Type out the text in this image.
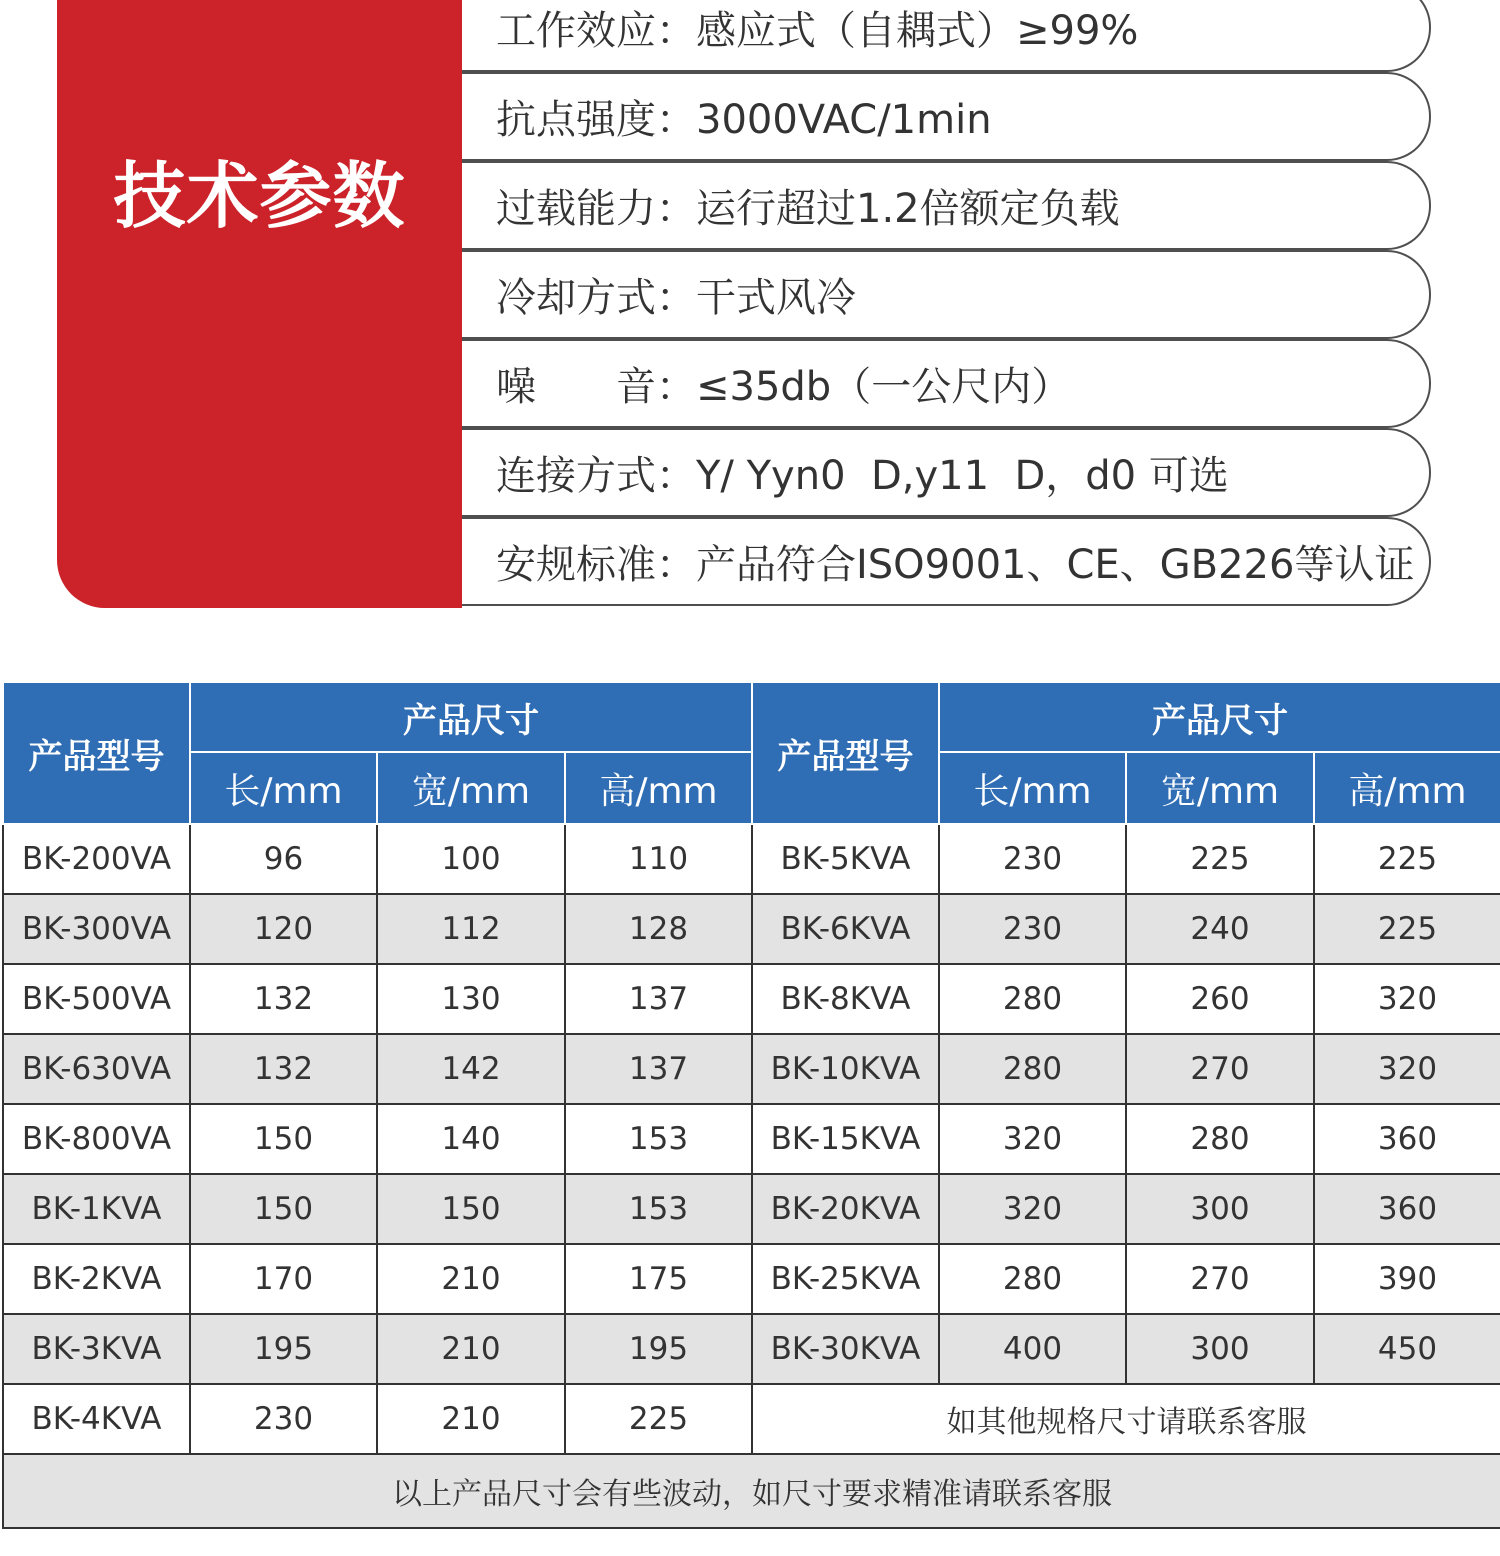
技术参数
工作效应：感应式（自耦式）≥99%
抗点强度：3000VAC/1min
过载能力：运行超过1.2倍额定负载
冷却方式：干式风冷
噪　　音：≤35db（一公尺内）
连接方式：Y/ Yyn0  D,y11  D，d0 可选
安规标准：产品符合ISO9001、CE、GB226等认证
产品型号	产品尺寸			产品型号	产品尺寸		
	长/mm	宽/mm	高/mm		长/mm	宽/mm	高/mm
BK-200VA	96	100	110	BK-5KVA	230	225	225
BK-300VA	120	112	128	BK-6KVA	230	240	225
BK-500VA	132	130	137	BK-8KVA	280	260	320
BK-630VA	132	142	137	BK-10KVA	280	270	320
BK-800VA	150	140	153	BK-15KVA	320	280	360
BK-1KVA	150	150	153	BK-20KVA	320	300	360
BK-2KVA	170	210	175	BK-25KVA	280	270	390
BK-3KVA	195	210	195	BK-30KVA	400	300	450
BK-4KVA	230	210	225	如其他规格尺寸请联系客服			
以上产品尺寸会有些波动，如尺寸要求精准请联系客服							
